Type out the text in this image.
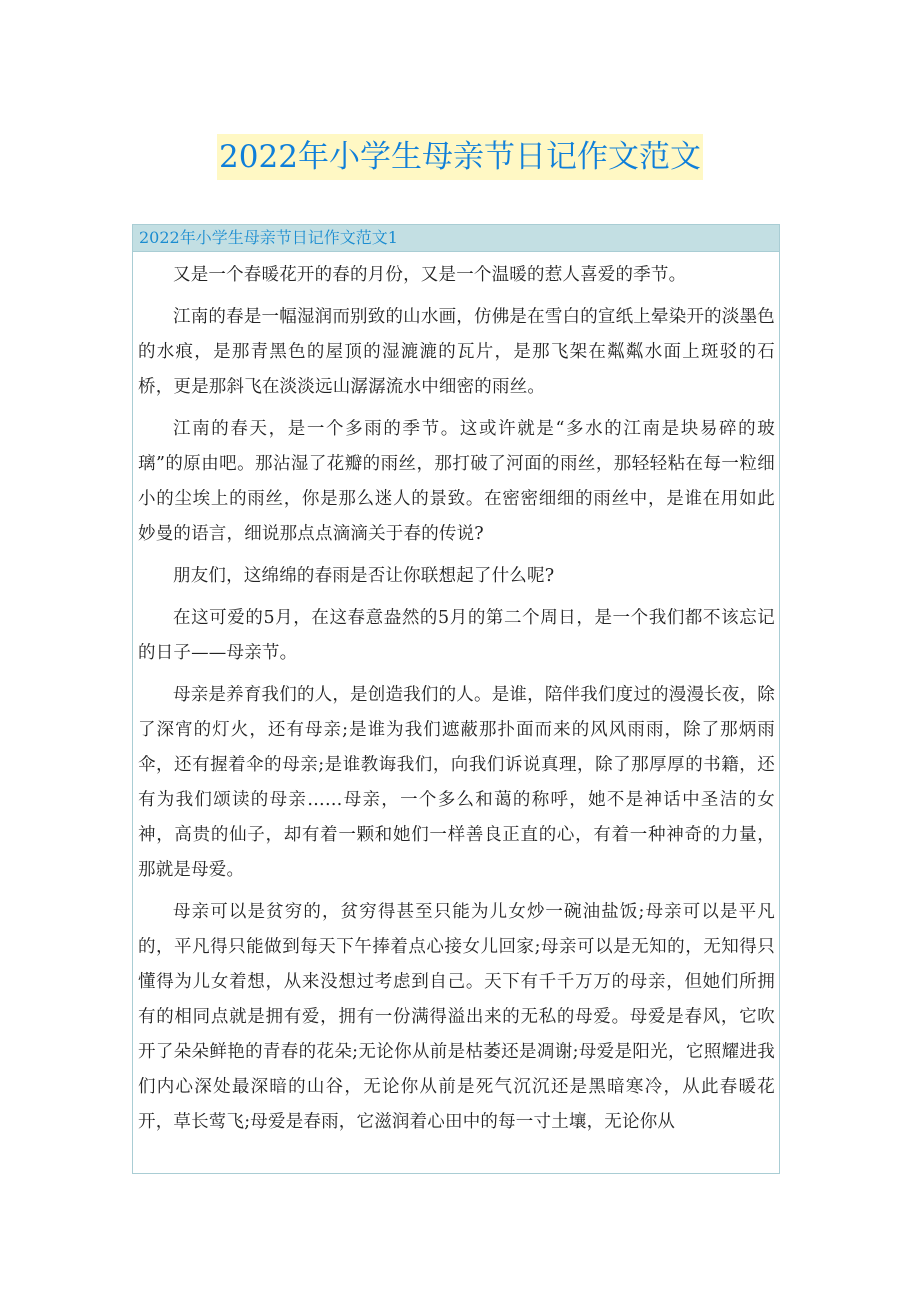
2022年小学生母亲节日记作文范文
2022年小学生母亲节日记作文范文1

又是一个春暖花开的春的月份，又是一个温暖的惹人喜爱的季节。

江南的春是一幅湿润而别致的山水画，仿佛是在雪白的宣纸上晕染开的淡墨色的水痕，是那青黑色的屋顶的湿漉漉的瓦片，是那飞架在粼粼水面上斑驳的石桥，更是那斜飞在淡淡远山潺潺流水中细密的雨丝。

江南的春天，是一个多雨的季节。这或许就是“多水的江南是块易碎的玻璃”的原由吧。那沾湿了花瓣的雨丝，那打破了河面的雨丝，那轻轻粘在每一粒细小的尘埃上的雨丝，你是那么迷人的景致。在密密细细的雨丝中，是谁在用如此妙曼的语言，细说那点点滴滴关于春的传说?

朋友们，这绵绵的春雨是否让你联想起了什么呢?

在这可爱的5月，在这春意盎然的5月的第二个周日，是一个我们都不该忘记的日子——母亲节。

母亲是养育我们的人，是创造我们的人。是谁，陪伴我们度过的漫漫长夜，除了深宵的灯火，还有母亲;是谁为我们遮蔽那扑面而来的风风雨雨，除了那炳雨伞，还有握着伞的母亲;是谁教诲我们，向我们诉说真理，除了那厚厚的书籍，还有为我们颂读的母亲……母亲，一个多么和蔼的称呼，她不是神话中圣洁的女神，高贵的仙子，却有着一颗和她们一样善良正直的心，有着一种神奇的力量，那就是母爱。

母亲可以是贫穷的，贫穷得甚至只能为儿女炒一碗油盐饭;母亲可以是平凡的，平凡得只能做到每天下午捧着点心接女儿回家;母亲可以是无知的，无知得只懂得为儿女着想，从来没想过考虑到自己。天下有千千万万的母亲，但她们所拥有的相同点就是拥有爱，拥有一份满得溢出来的无私的母爱。母爱是春风，它吹开了朵朵鲜艳的青春的花朵;无论你从前是枯萎还是凋谢;母爱是阳光，它照耀进我们内心深处最深暗的山谷，无论你从前是死气沉沉还是黑暗寒冷，从此春暖花开，草长莺飞;母爱是春雨，它滋润着心田中的每一寸土壤，无论你从
